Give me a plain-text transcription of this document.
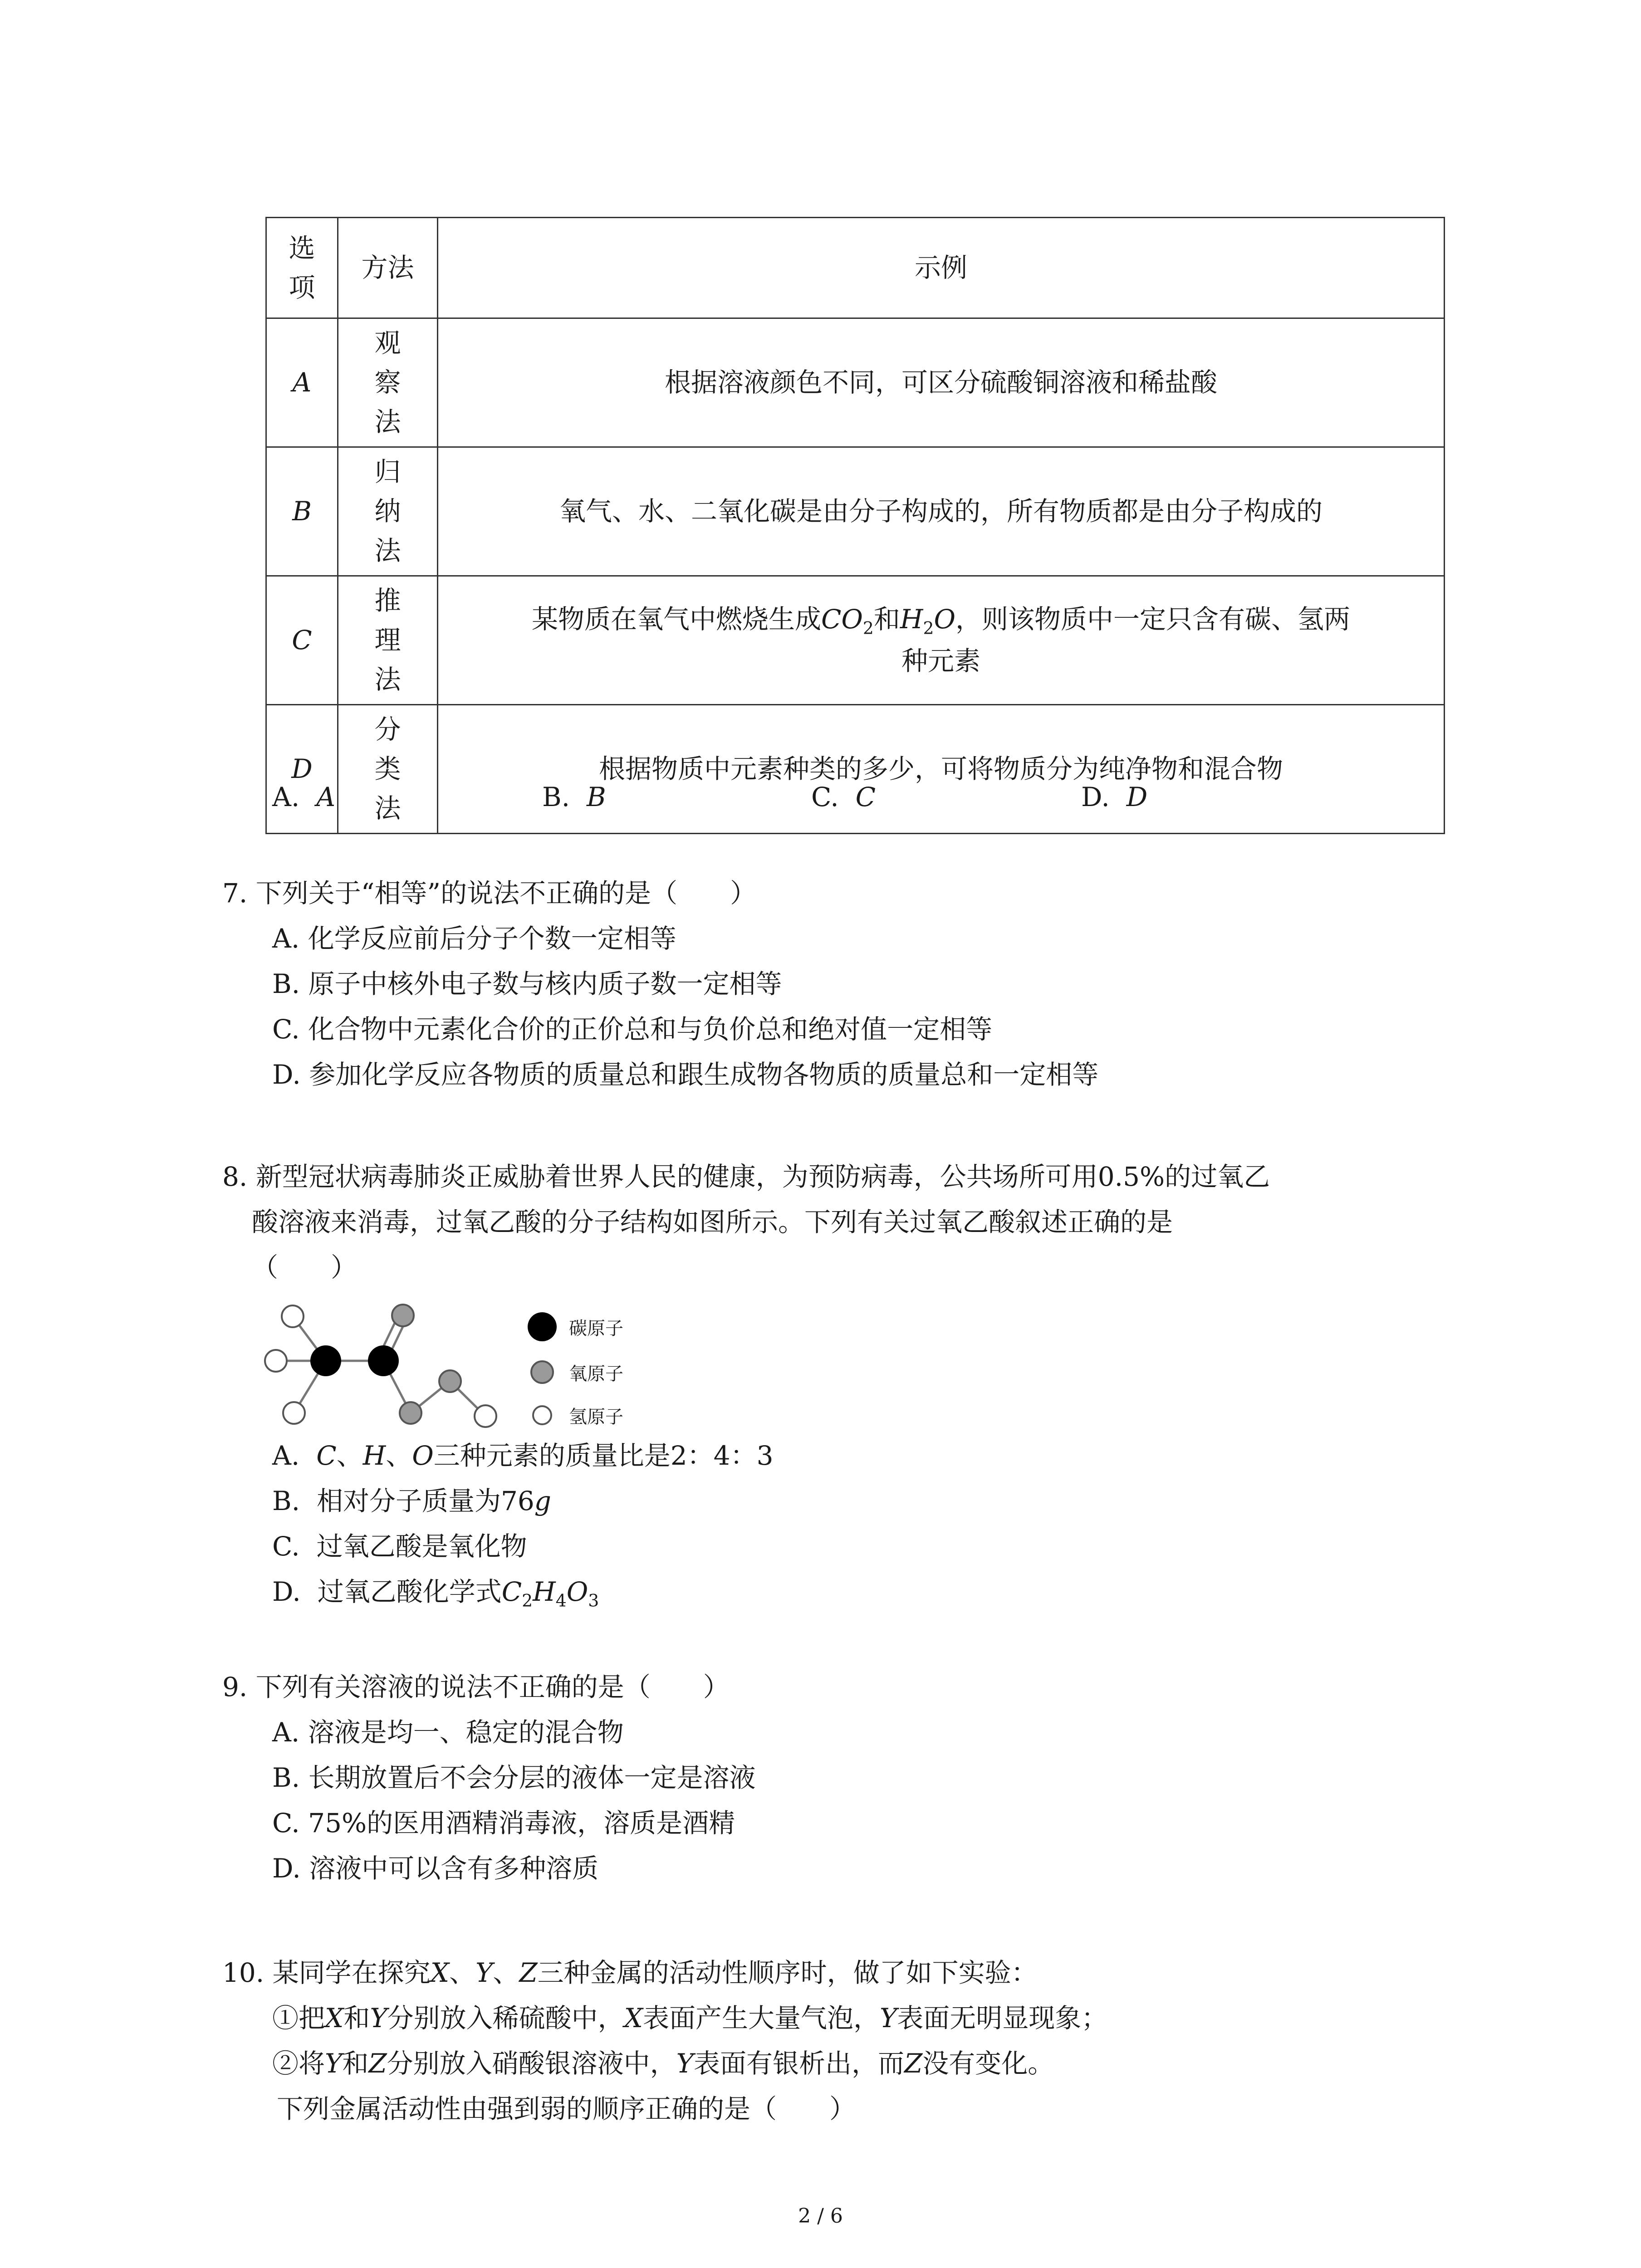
选项	方法	示例
A	观察法	根据溶液颜色不同，可区分硫酸铜溶液和稀盐酸
B	归纳法	氧气、水、二氧化碳是由分子构成的，所有物质都是由分子构成的
C	推理法	某物质在氧气中燃烧生成$CO_2$和$H_2O$，则该物质中一定只含有碳、氢两
种元素
D	分类法	根据物质中元素种类的多少，可将物质分为纯净物和混合物
A. A	B. B	C. C	D. D
7. 下列关于“相等”的说法不正确的是（　　）
A. 化学反应前后分子个数一定相等
B. 原子中核外电子数与核内质子数一定相等
C. 化合物中元素化合价的正价总和与负价总和绝对值一定相等
D. 参加化学反应各物质的质量总和跟生成物各物质的质量总和一定相等
8. 新型冠状病毒肺炎正威胁着世界人民的健康，为预防病毒，公共场所可用0.5%的过氧乙
酸溶液来消毒，过氧乙酸的分子结构如图所示。下列有关过氧乙酸叙述正确的是
（　　）
碳原子
氧原子
氢原子
A. C、H、O三种元素的质量比是2：4：3
B. 相对分子质量为76g
C. 过氧乙酸是氧化物
D. 过氧乙酸化学式$C_2H_4O_3$
9. 下列有关溶液的说法不正确的是（　　）
A. 溶液是均一、稳定的混合物
B. 长期放置后不会分层的液体一定是溶液
C. 75%的医用酒精消毒液，溶质是酒精
D. 溶液中可以含有多种溶质
10. 某同学在探究X、Y、Z三种金属的活动性顺序时，做了如下实验：
①把X和Y分别放入稀硫酸中，X表面产生大量气泡，Y表面无明显现象；
②将Y和Z分别放入硝酸银溶液中，Y表面有银析出，而Z没有变化。
下列金属活动性由强到弱的顺序正确的是（　　）
2 / 6
